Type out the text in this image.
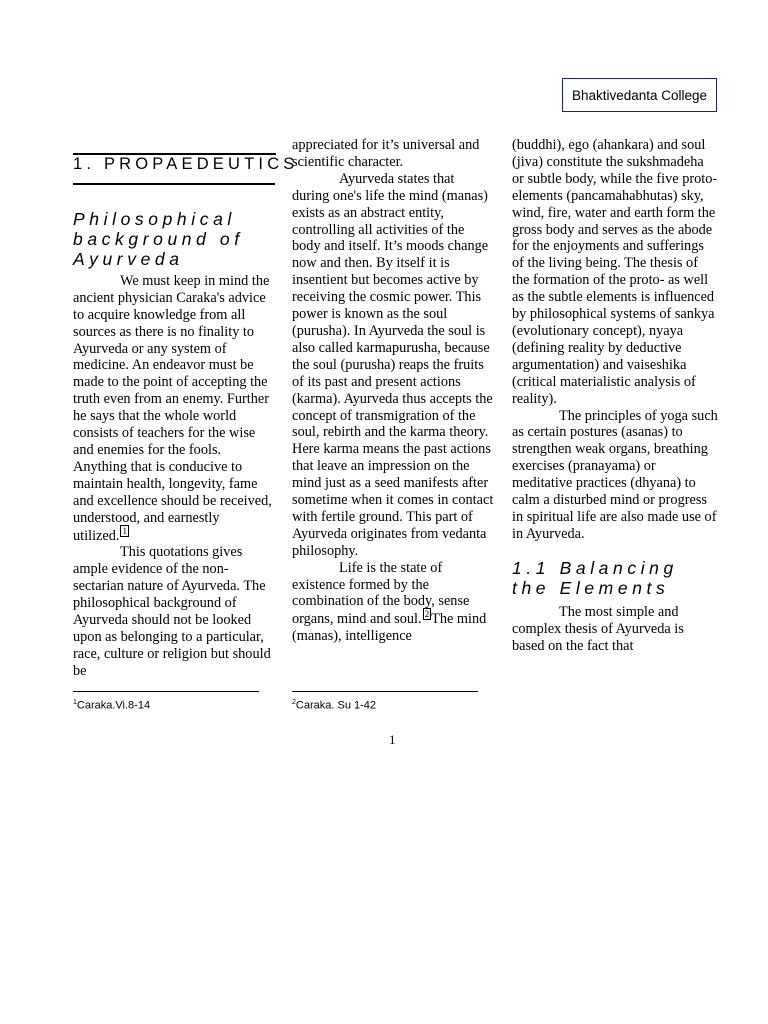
Bhaktivedanta College
1. PROPAEDEUTICS
Philosophical background of Ayurveda

We must keep in mind the ancient physician Caraka's advice to acquire knowledge from all sources as there is no finality to Ayurveda or any system of medicine. An endeavor must be made to the point of accepting the truth even from an enemy. Further he says that the whole world consists of teachers for the wise and enemies for the fools. Anything that is conducive to maintain health, longevity, fame and excellence should be received, understood, and earnestly utilized. $^1$

This quotations gives ample evidence of the non-sectarian nature of Ayurveda. The philosophical background of Ayurveda should not be looked upon as belonging to a particular, race, culture or religion but should be

appreciated for it’s universal and scientific character.

Ayurveda states that during one's life the mind (manas) exists as an abstract entity, controlling all activities of the body and itself. It’s moods change now and then. By itself it is insentient but becomes active by receiving the cosmic power. This power is known as the soul (purusha). In Ayurveda the soul is also called karmapurusha, because the soul (purusha) reaps the fruits of its past and present actions (karma). Ayurveda thus accepts the concept of transmigration of the soul, rebirth and the karma theory. Here karma means the past actions that leave an impression on the mind just as a seed manifests after sometime when it comes in contact with fertile ground. This part of Ayurveda originates from vedanta philosophy.

Life is the state of existence formed by the combination of the body, sense organs, mind and soul. $^2$ The mind (manas), intelligence

(buddhi), ego (ahankara) and soul (jiva) constitute the sukshmadeha or subtle body, while the five proto-elements (pancamahabhutas) sky, wind, fire, water and earth form the gross body and serves as the abode for the enjoyments and sufferings of the living being. The thesis of the formation of the proto- as well as the subtle elements is influenced by philosophical systems of sankya (evolutionary concept), nyaya (defining reality by deductive argumentation) and vaiseshika (critical materialistic analysis of reality).

The principles of yoga such as certain postures (asanas) to strengthen weak organs, breathing exercises (pranayama) or meditative practices (dhyana) to calm a disturbed mind or progress in spiritual life are also made use of in Ayurveda.

1.1 Balancing the Elements

The most simple and complex thesis of Ayurveda is based on the fact that

$^1$Caraka.Vi.8-14	$^2$Caraka. Su 1-42
1
